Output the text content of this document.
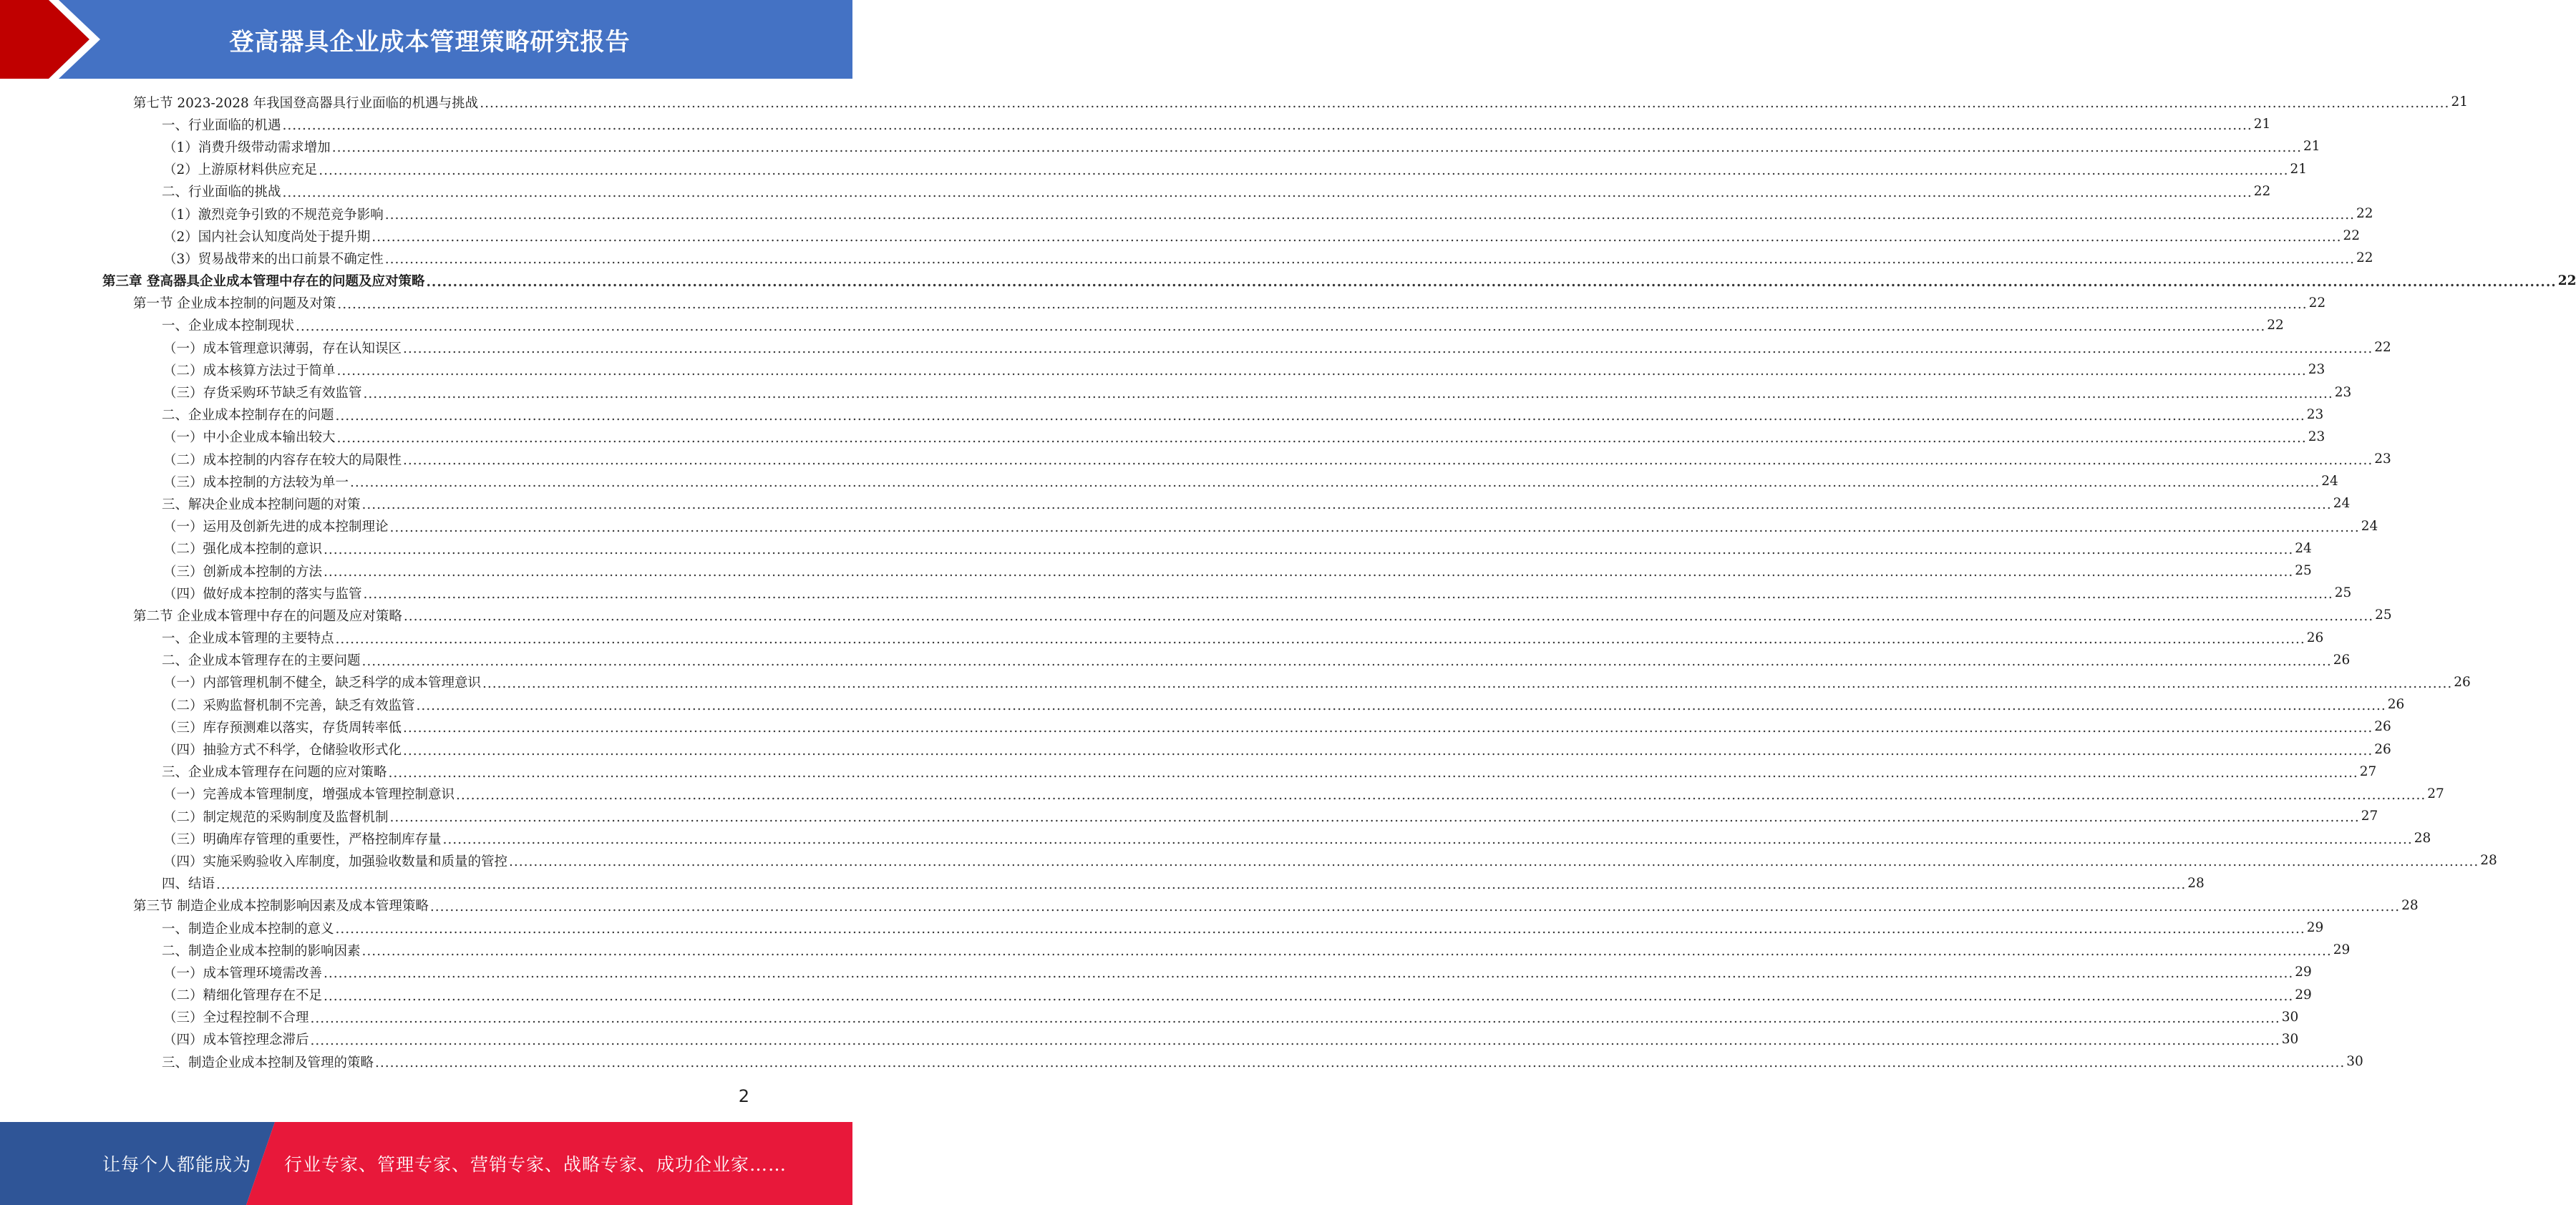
登高器具企业成本管理策略研究报告
第七节 2023-2028 年我国登高器具行业面临的机遇与挑战 ................................................................................................................................................................................................................................................................................................................................................................................................................ 21
一、行业面临的机遇 ................................................................................................................................................................................................................................................................................................................................................................................................................ 21
（1）消费升级带动需求增加 ................................................................................................................................................................................................................................................................................................................................................................................................................ 21
（2）上游原材料供应充足 ................................................................................................................................................................................................................................................................................................................................................................................................................ 21
二、行业面临的挑战 ................................................................................................................................................................................................................................................................................................................................................................................................................ 22
（1）激烈竞争引致的不规范竞争影响 ................................................................................................................................................................................................................................................................................................................................................................................................................ 22
（2）国内社会认知度尚处于提升期 ................................................................................................................................................................................................................................................................................................................................................................................................................ 22
（3）贸易战带来的出口前景不确定性 ................................................................................................................................................................................................................................................................................................................................................................................................................ 22
第三章 登高器具企业成本管理中存在的问题及应对策略 ................................................................................................................................................................................................................................................................................................................................................................................................................ 22
第一节 企业成本控制的问题及对策 ................................................................................................................................................................................................................................................................................................................................................................................................................ 22
一、企业成本控制现状 ................................................................................................................................................................................................................................................................................................................................................................................................................ 22
（一）成本管理意识薄弱，存在认知误区 ................................................................................................................................................................................................................................................................................................................................................................................................................ 22
（二）成本核算方法过于简单 ................................................................................................................................................................................................................................................................................................................................................................................................................ 23
（三）存货采购环节缺乏有效监管 ................................................................................................................................................................................................................................................................................................................................................................................................................ 23
二、企业成本控制存在的问题 ................................................................................................................................................................................................................................................................................................................................................................................................................ 23
（一）中小企业成本输出较大 ................................................................................................................................................................................................................................................................................................................................................................................................................ 23
（二）成本控制的内容存在较大的局限性 ................................................................................................................................................................................................................................................................................................................................................................................................................ 23
（三）成本控制的方法较为单一 ................................................................................................................................................................................................................................................................................................................................................................................................................ 24
三、解决企业成本控制问题的对策 ................................................................................................................................................................................................................................................................................................................................................................................................................ 24
（一）运用及创新先进的成本控制理论 ................................................................................................................................................................................................................................................................................................................................................................................................................ 24
（二）强化成本控制的意识 ................................................................................................................................................................................................................................................................................................................................................................................................................ 24
（三）创新成本控制的方法 ................................................................................................................................................................................................................................................................................................................................................................................................................ 25
（四）做好成本控制的落实与监管 ................................................................................................................................................................................................................................................................................................................................................................................................................ 25
第二节 企业成本管理中存在的问题及应对策略 ................................................................................................................................................................................................................................................................................................................................................................................................................ 25
一、企业成本管理的主要特点 ................................................................................................................................................................................................................................................................................................................................................................................................................ 26
二、企业成本管理存在的主要问题 ................................................................................................................................................................................................................................................................................................................................................................................................................ 26
（一）内部管理机制不健全，缺乏科学的成本管理意识 ................................................................................................................................................................................................................................................................................................................................................................................................................ 26
（二）采购监督机制不完善，缺乏有效监管 ................................................................................................................................................................................................................................................................................................................................................................................................................ 26
（三）库存预测难以落实，存货周转率低 ................................................................................................................................................................................................................................................................................................................................................................................................................ 26
（四）抽验方式不科学，仓储验收形式化 ................................................................................................................................................................................................................................................................................................................................................................................................................ 26
三、企业成本管理存在问题的应对策略 ................................................................................................................................................................................................................................................................................................................................................................................................................ 27
（一）完善成本管理制度，增强成本管理控制意识 ................................................................................................................................................................................................................................................................................................................................................................................................................ 27
（二）制定规范的采购制度及监督机制 ................................................................................................................................................................................................................................................................................................................................................................................................................ 27
（三）明确库存管理的重要性，严格控制库存量 ................................................................................................................................................................................................................................................................................................................................................................................................................ 28
（四）实施采购验收入库制度，加强验收数量和质量的管控 ................................................................................................................................................................................................................................................................................................................................................................................................................ 28
四、结语 ................................................................................................................................................................................................................................................................................................................................................................................................................ 28
第三节 制造企业成本控制影响因素及成本管理策略 ................................................................................................................................................................................................................................................................................................................................................................................................................ 28
一、制造企业成本控制的意义 ................................................................................................................................................................................................................................................................................................................................................................................................................ 29
二、制造企业成本控制的影响因素 ................................................................................................................................................................................................................................................................................................................................................................................................................ 29
（一）成本管理环境需改善 ................................................................................................................................................................................................................................................................................................................................................................................................................ 29
（二）精细化管理存在不足 ................................................................................................................................................................................................................................................................................................................................................................................................................ 29
（三）全过程控制不合理 ................................................................................................................................................................................................................................................................................................................................................................................................................ 30
（四）成本管控理念滞后 ................................................................................................................................................................................................................................................................................................................................................................................................................ 30
三、制造企业成本控制及管理的策略 ................................................................................................................................................................................................................................................................................................................................................................................................................ 30
2
让每个人都能成为 行业专家、管理专家、营销专家、战略专家、成功企业家……
